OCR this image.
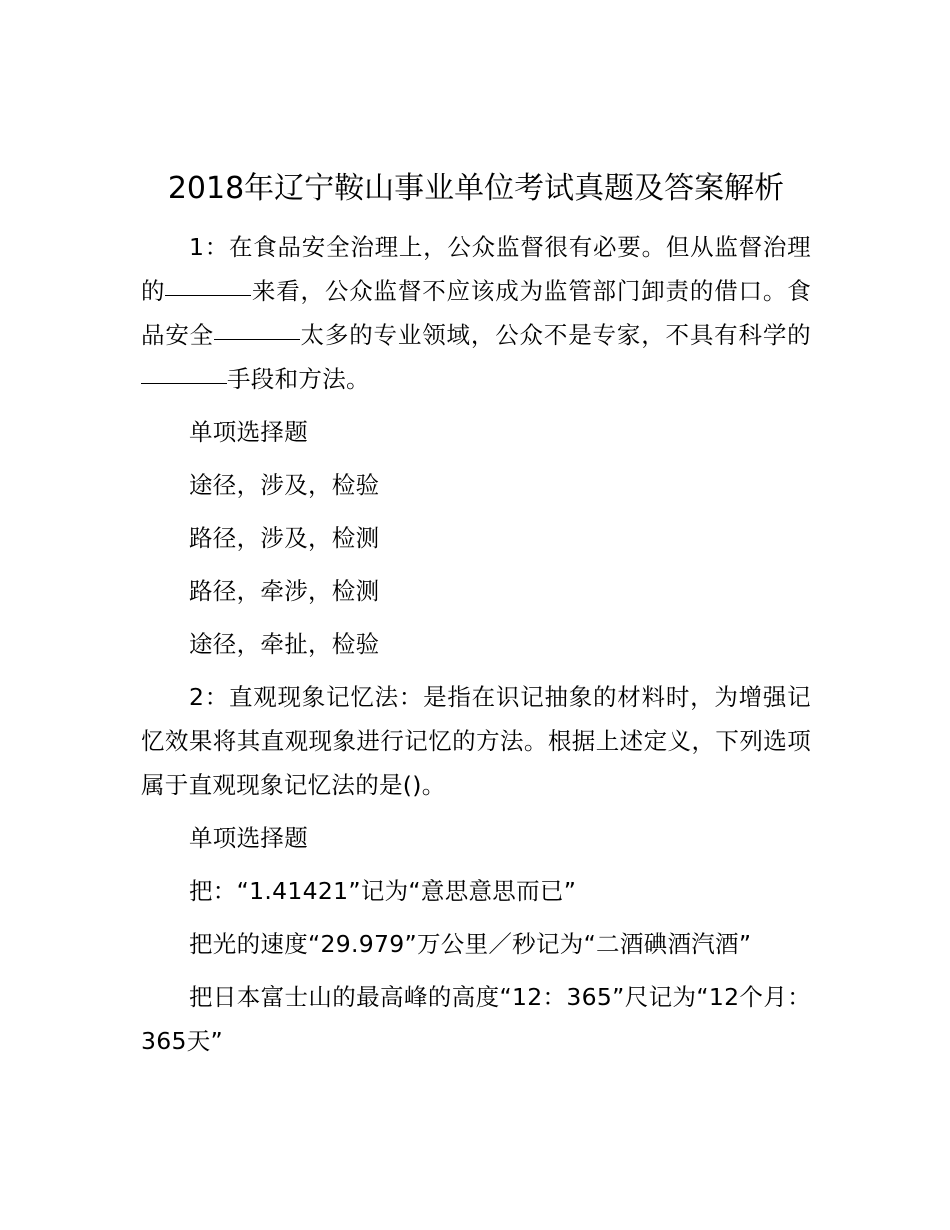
2018年辽宁鞍山事业单位考试真题及答案解析

1：在食品安全治理上，公众监督很有必要。但从监督治理的	来看，公众监督不应该成为监管部门卸责的借口。食品安全	太多的专业领域，公众不是专家，不具有科学的手段和方法。

单项选择题

途径，涉及，检验

路径，涉及，检测

路径，牵涉，检测

途径，牵扯，检验

2：直观现象记忆法：是指在识记抽象的材料时，为增强记忆效果将其直观现象进行记忆的方法。根据上述定义，下列选项属于直观现象记忆法的是()。

单项选择题

把：“1.41421”记为“意思意思而已”

把光的速度“29.979”万公里／秒记为“二酒碘酒汽酒”

把日本富士山的最高峰的高度“12：365”尺记为“12个月：365天”
